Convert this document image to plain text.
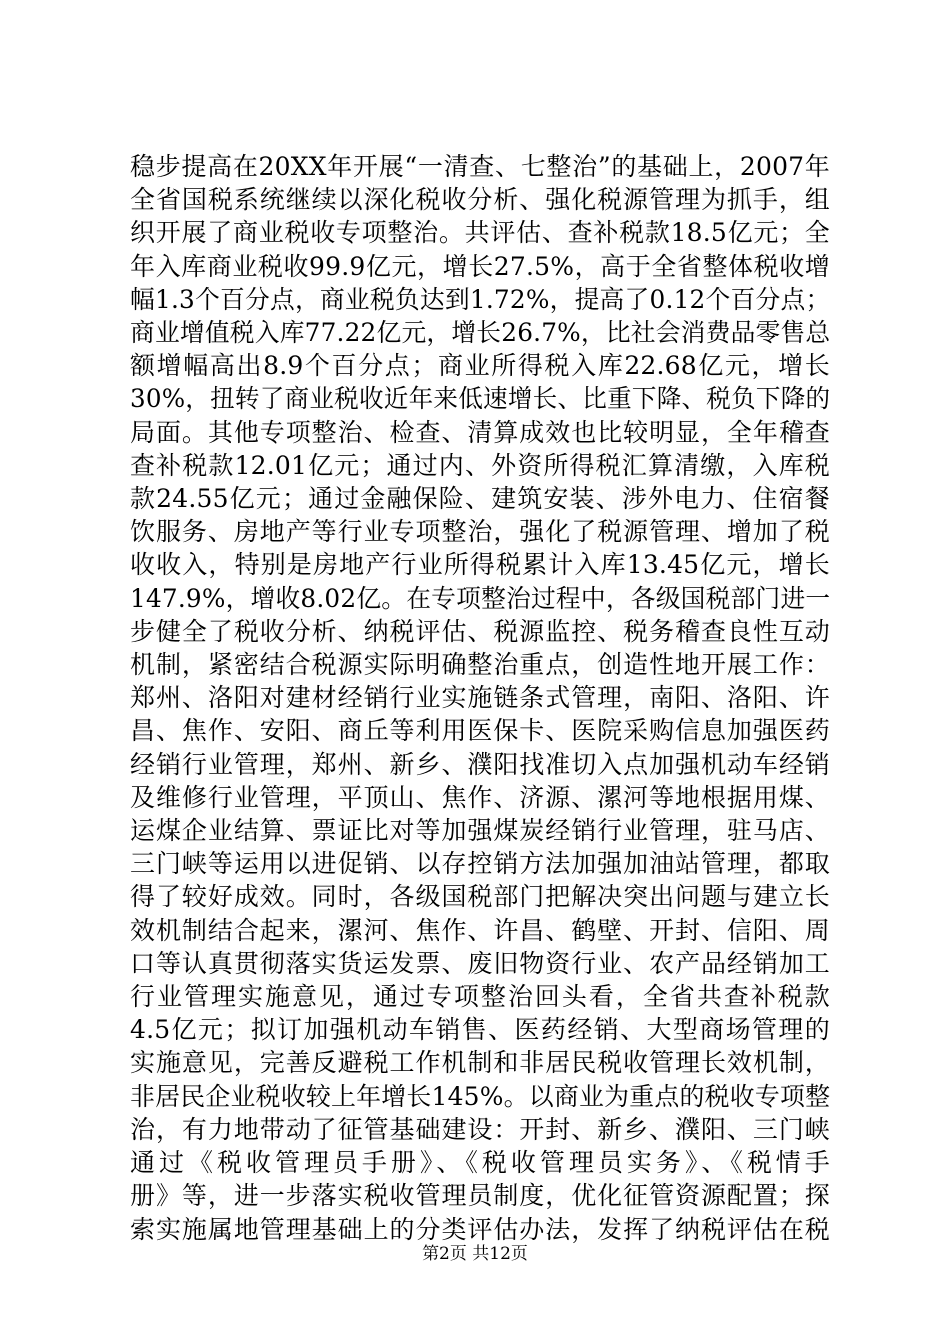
稳步提高在20XX年开展“一清查、七整治”的基础上，2007年
全省国税系统继续以深化税收分析、强化税源管理为抓手，组
织开展了商业税收专项整治。共评估、查补税款18.5亿元；全
年入库商业税收99.9亿元，增长27.5%，高于全省整体税收增
幅1.3个百分点，商业税负达到1.72%，提高了0.12个百分点；
商业增值税入库77.22亿元，增长26.7%，比社会消费品零售总
额增幅高出8.9个百分点；商业所得税入库22.68亿元，增长
30%，扭转了商业税收近年来低速增长、比重下降、税负下降的
局面。其他专项整治、检查、清算成效也比较明显，全年稽查
查补税款12.01亿元；通过内、外资所得税汇算清缴，入库税
款24.55亿元；通过金融保险、建筑安装、涉外电力、住宿餐
饮服务、房地产等行业专项整治，强化了税源管理、增加了税
收收入，特别是房地产行业所得税累计入库13.45亿元，增长
147.9%，增收8.02亿。在专项整治过程中，各级国税部门进一
步健全了税收分析、纳税评估、税源监控、税务稽查良性互动
机制，紧密结合税源实际明确整治重点，创造性地开展工作：
郑州、洛阳对建材经销行业实施链条式管理，南阳、洛阳、许
昌、焦作、安阳、商丘等利用医保卡、医院采购信息加强医药
经销行业管理，郑州、新乡、濮阳找准切入点加强机动车经销
及维修行业管理，平顶山、焦作、济源、漯河等地根据用煤、
运煤企业结算、票证比对等加强煤炭经销行业管理，驻马店、
三门峡等运用以进促销、以存控销方法加强加油站管理，都取
得了较好成效。同时，各级国税部门把解决突出问题与建立长
效机制结合起来，漯河、焦作、许昌、鹤壁、开封、信阳、周
口等认真贯彻落实货运发票、废旧物资行业、农产品经销加工
行业管理实施意见，通过专项整治回头看，全省共查补税款
4.5亿元；拟订加强机动车销售、医药经销、大型商场管理的
实施意见，完善反避税工作机制和非居民税收管理长效机制，
非居民企业税收较上年增长145%。以商业为重点的税收专项整
治，有力地带动了征管基础建设：开封、新乡、濮阳、三门峡
通过《税收管理员手册》、《税收管理员实务》、《税情手
册》等，进一步落实税收管理员制度，优化征管资源配置；探
索实施属地管理基础上的分类评估办法，发挥了纳税评估在税
第2页 共12页
